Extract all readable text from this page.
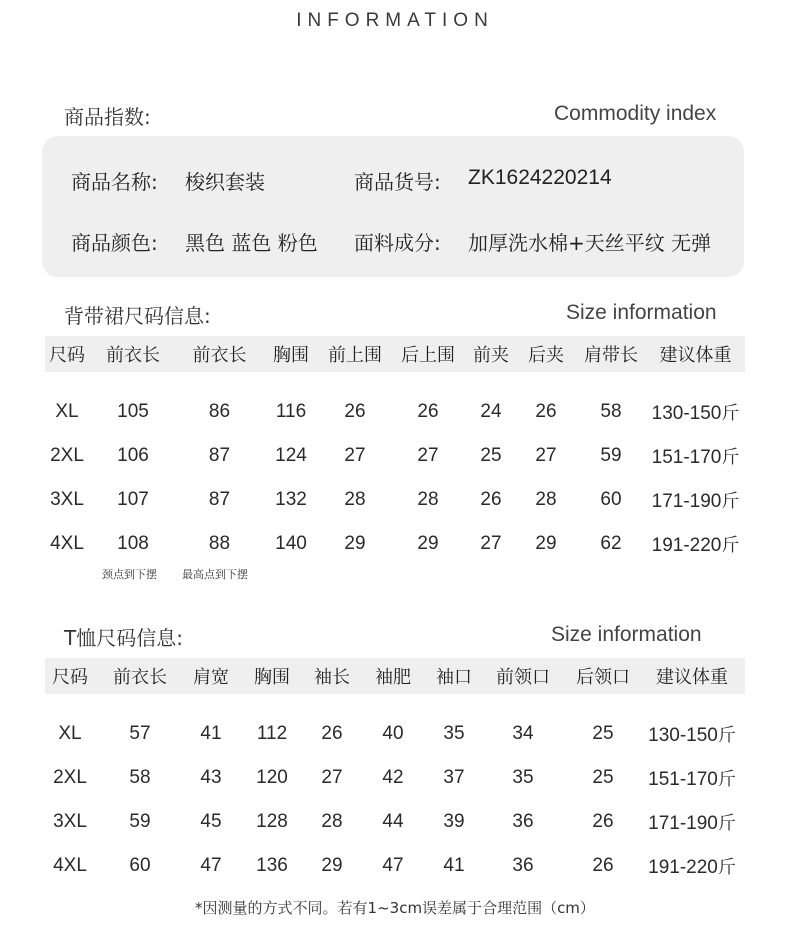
INFORMATION
商品指数:	Commodity index
商品名称: 梭织套装	商品货号: ZK1624220214
商品颜色: 黑色 蓝色 粉色 面料成分: 加厚洗水棉+天丝平纹 无弹
背带裙尺码信息:	Size information
尺码	前衣长	前衣长	胸围	前上围	后上围	前夹	后夹	肩带长	建议体重

XL	105	86	116	26	26	24	26	58	130-150斤
2XL	106	87	124	27	27	25	27	59	151-170斤
3XL	107	87	132	28	28	26	28	60	171-190斤
4XL	108	88	140	29	29	27	29	62	191-220斤
颈点到下摆 最高点到下摆
T恤尺码信息:	Size information
尺码	前衣长	肩宽	胸围	袖长	袖肥	袖口	前领口	后领口	建议体重

XL	57	41	112	26	40	35	34	25	130-150斤
2XL	58	43	120	27	42	37	35	25	151-170斤
3XL	59	45	128	28	44	39	36	26	171-190斤
4XL	60	47	136	29	47	41	36	26	191-220斤
*因测量的方式不同。若有1~3cm误差属于合理范围（cm）
